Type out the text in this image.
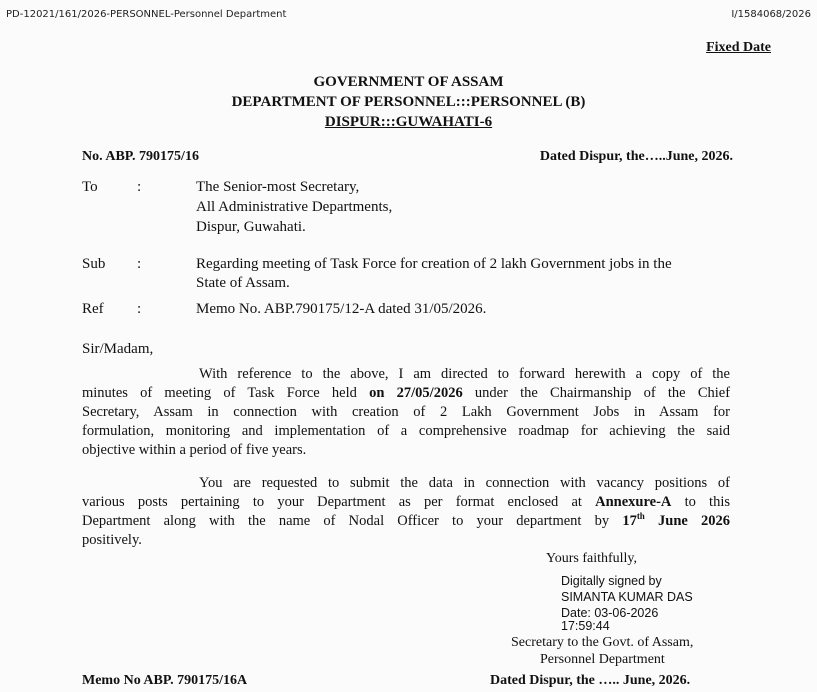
PD-12021/161/2026-PERSONNEL-Personnel Department	I/1584068/2026
Fixed Date
GOVERNMENT OF ASSAM
DEPARTMENT OF PERSONNEL:::PERSONNEL (B)
DISPUR:::GUWAHATI-6
No. ABP. 790175/16	Dated Dispur, the…..June, 2026.
To	:	The Senior-most Secretary,
All Administrative Departments,
Dispur, Guwahati.
Sub :	Regarding meeting of Task Force for creation of 2 lakh Government jobs in the
State of Assam.
Ref :	Memo No. ABP.790175/12-A dated 31/05/2026.
Sir/Madam,
With reference to the above, I am directed to forward herewith a copy of the
minutes of meeting of Task Force held on 27/05/2026 under the Chairmanship of the Chief
Secretary, Assam in connection with creation of 2 Lakh Government Jobs in Assam for
formulation, monitoring and implementation of a comprehensive roadmap for achieving the said
objective within a period of five years.
You are requested to submit the data in connection with vacancy positions of
various posts pertaining to your Department as per format enclosed at Annexure-A to this
Department along with the name of Nodal Officer to your department by 17th June 2026
positively.
Yours faithfully,
Digitally signed by
SIMANTA KUMAR DAS
Date: 03-06-2026
17:59:44
Secretary to the Govt. of Assam,
Personnel Department
Memo No ABP. 790175/16A	Dated Dispur, the ….. June, 2026.
